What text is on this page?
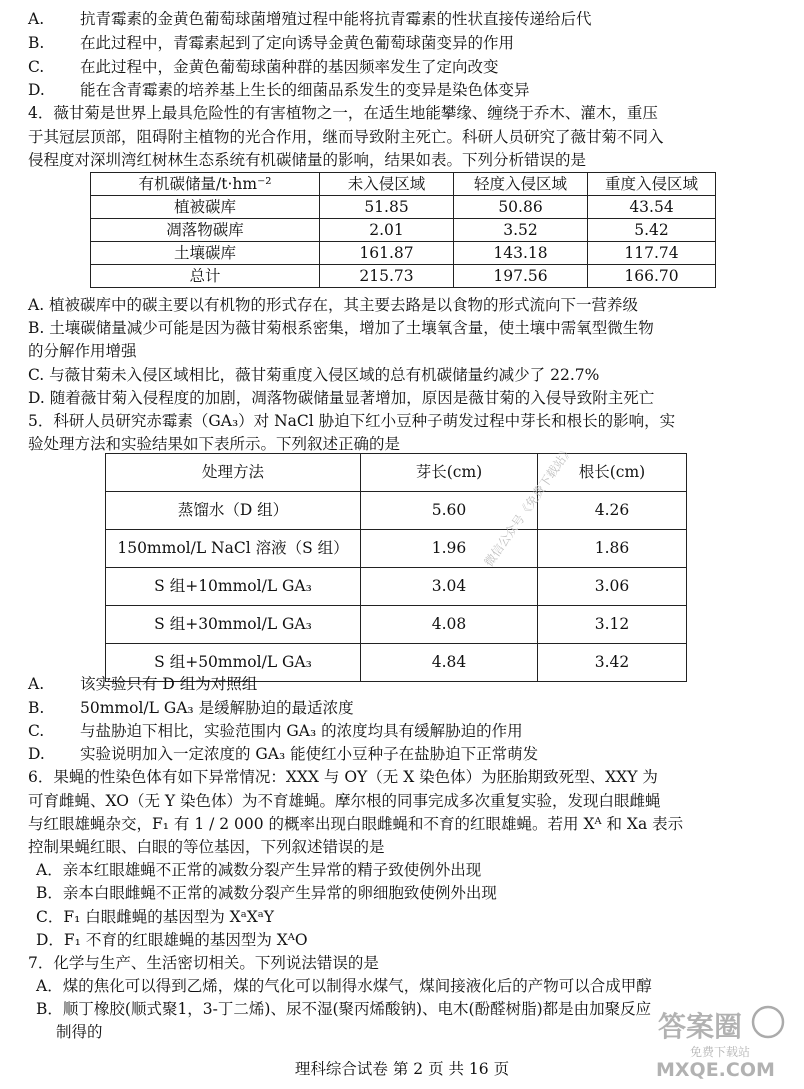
A. 抗青霉素的金黄色葡萄球菌增殖过程中能将抗青霉素的性状直接传递给后代
B. 在此过程中，青霉素起到了定向诱导金黄色葡萄球菌变异的作用
C. 在此过程中，金黄色葡萄球菌种群的基因频率发生了定向改变
D. 能在含青霉素的培养基上生长的细菌品系发生的变异是染色体变异
4．薇甘菊是世界上最具危险性的有害植物之一，在适生地能攀缘、缠绕于乔木、灌木，重压
于其冠层顶部，阻碍附主植物的光合作用，继而导致附主死亡。科研人员研究了薇甘菊不同入
侵程度对深圳湾红树林生态系统有机碳储量的影响，结果如表。下列分析错误的是
有机碳储量/t·hm⁻²	未入侵区域	轻度入侵区域	重度入侵区域
植被碳库	51.85	50.86	43.54
凋落物碳库	2.01	3.52	5.42
土壤碳库	161.87	143.18	117.74
总计	215.73	197.56	166.70
A. 植被碳库中的碳主要以有机物的形式存在，其主要去路是以食物的形式流向下一营养级
B. 土壤碳储量减少可能是因为薇甘菊根系密集，增加了土壤氧含量，使土壤中需氧型微生物
的分解作用增强
C. 与薇甘菊未入侵区域相比，薇甘菊重度入侵区域的总有机碳储量约减少了 22.7%
D. 随着薇甘菊入侵程度的加剧，凋落物碳储量显著增加，原因是薇甘菊的入侵导致附主死亡
5．科研人员研究赤霉素（GA₃）对 NaCl 胁迫下红小豆种子萌发过程中芽长和根长的影响，实
验处理方法和实验结果如下表所示。下列叙述正确的是
处理方法	芽长(cm)	根长(cm)
蒸馏水（D 组）	5.60	4.26
150mmol/L NaCl 溶液（S 组）	1.96	1.86
S 组+10mmol/L GA₃	3.04	3.06
S 组+30mmol/L GA₃	4.08	3.12
S 组+50mmol/L GA₃	4.84	3.42
微信公众号《免费下载站》
A. 该实验只有 D 组为对照组
B. 50mmol/L GA₃ 是缓解胁迫的最适浓度
C. 与盐胁迫下相比，实验范围内 GA₃ 的浓度均具有缓解胁迫的作用
D. 实验说明加入一定浓度的 GA₃ 能使红小豆种子在盐胁迫下正常萌发
6．果蝇的性染色体有如下异常情况：XXX 与 OY（无 X 染色体）为胚胎期致死型、XXY 为
可育雌蝇、XO（无 Y 染色体）为不育雄蝇。摩尔根的同事完成多次重复实验，发现白眼雌蝇
与红眼雄蝇杂交，F₁ 有 1 / 2 000 的概率出现白眼雌蝇和不育的红眼雄蝇。若用 Xᴬ 和 Xa 表示
控制果蝇红眼、白眼的等位基因，下列叙述错误的是
A．亲本红眼雄蝇不正常的减数分裂产生异常的精子致使例外出现
B．亲本白眼雌蝇不正常的减数分裂产生异常的卵细胞致使例外出现
C．F₁ 白眼雌蝇的基因型为 XᵃXᵃY
D．F₁ 不育的红眼雄蝇的基因型为 XᴬO
7．化学与生产、生活密切相关。下列说法错误的是
A．煤的焦化可以得到乙烯，煤的气化可以制得水煤气，煤间接液化后的产物可以合成甲醇
B．顺丁橡胶(顺式聚1，3-丁二烯)、尿不湿(聚丙烯酸钠)、电木(酚醛树脂)都是由加聚反应
制得的	答案圈
免费下载站
MXQE.COM
理科综合试卷 第 2 页 共 16 页
